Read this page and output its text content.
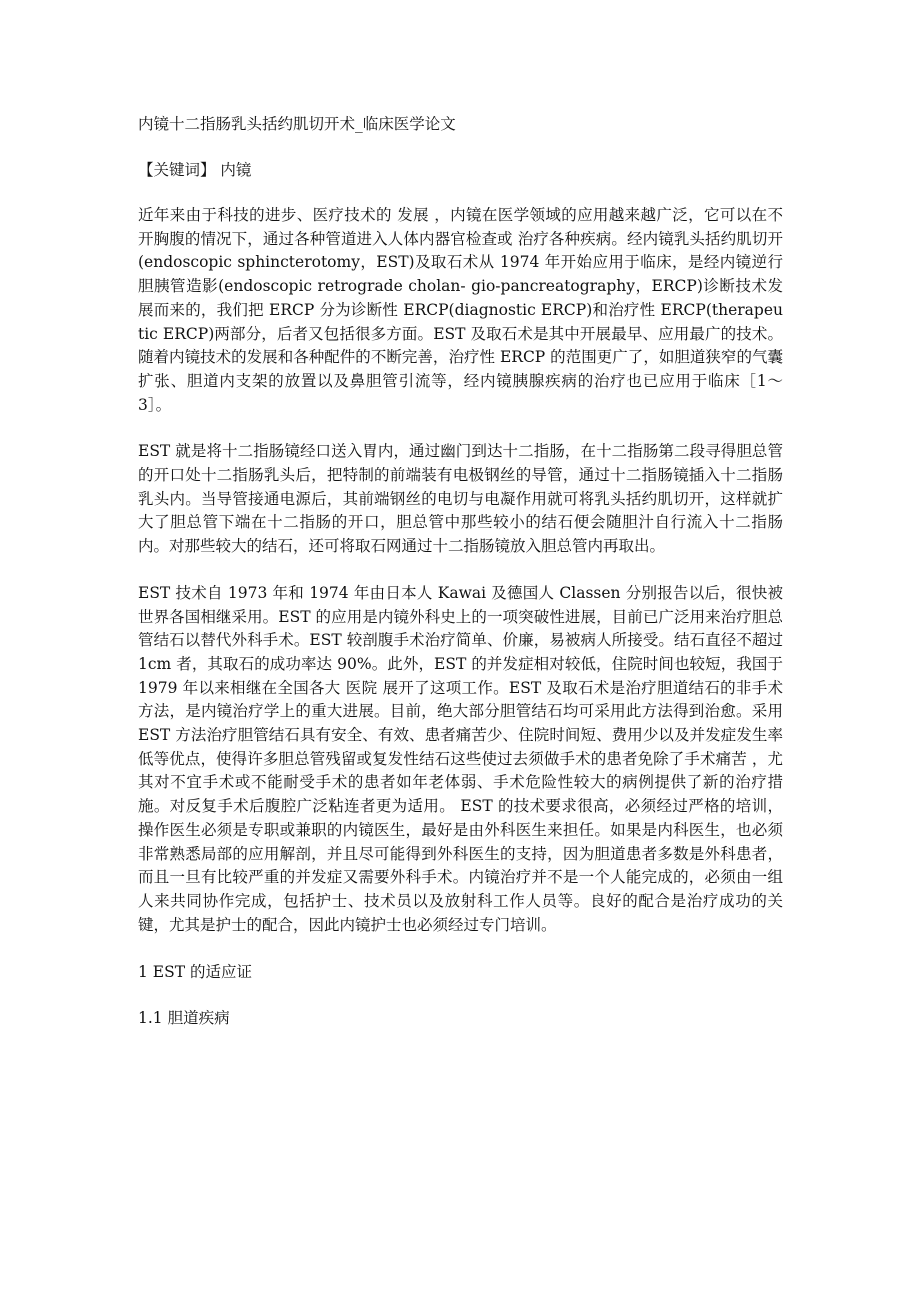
内镜十二指肠乳头括约肌切开术_临床医学论文
【关键词】 内镜
近年来由于科技的进步、医疗技术的 发展 ，内镜在医学领域的应用越来越广泛，它可以在不开胸腹的情况下，通过各种管道进入人体内器官检查或 治疗各种疾病。经内镜乳头括约肌切开(endoscopic sphincterotomy，EST)及取石术从 1974 年开始应用于临床，是经内镜逆行胆胰管造影(endoscopic retrograde cholan- gio-pancreatography，ERCP)诊断技术发展而来的，我们把 ERCP 分为诊断性 ERCP(diagnostic ERCP)和治疗性 ERCP(therapeutic ERCP)两部分，后者又包括很多方面。EST 及取石术是其中开展最早、应用最广的技术。随着内镜技术的发展和各种配件的不断完善，治疗性 ERCP 的范围更广了，如胆道狭窄的气囊扩张、胆道内支架的放置以及鼻胆管引流等，经内镜胰腺疾病的治疗也已应用于临床［1～3］。
EST 就是将十二指肠镜经口送入胃内，通过幽门到达十二指肠，在十二指肠第二段寻得胆总管的开口处十二指肠乳头后，把特制的前端装有电极钢丝的导管，通过十二指肠镜插入十二指肠乳头内。当导管接通电源后，其前端钢丝的电切与电凝作用就可将乳头括约肌切开，这样就扩大了胆总管下端在十二指肠的开口，胆总管中那些较小的结石便会随胆汁自行流入十二指肠内。对那些较大的结石，还可将取石网通过十二指肠镜放入胆总管内再取出。
EST 技术自 1973 年和 1974 年由日本人 Kawai 及德国人 Classen 分别报告以后，很快被世界各国相继采用。EST 的应用是内镜外科史上的一项突破性进展，目前已广泛用来治疗胆总管结石以替代外科手术。EST 较剖腹手术治疗简单、价廉，易被病人所接受。结石直径不超过 1cm 者，其取石的成功率达 90%。此外，EST 的并发症相对较低，住院时间也较短，我国于 1979 年以来相继在全国各大 医院 展开了这项工作。EST 及取石术是治疗胆道结石的非手术方法，是内镜治疗学上的重大进展。目前，绝大部分胆管结石均可采用此方法得到治愈。采用 EST 方法治疗胆管结石具有安全、有效、患者痛苦少、住院时间短、费用少以及并发症发生率低等优点，使得许多胆总管残留或复发性结石这些使过去须做手术的患者免除了手术痛苦 ，尤其对不宜手术或不能耐受手术的患者如年老体弱、手术危险性较大的病例提供了新的治疗措施。对反复手术后腹腔广泛粘连者更为适用。 EST 的技术要求很高，必须经过严格的培训，操作医生必须是专职或兼职的内镜医生，最好是由外科医生来担任。如果是内科医生，也必须非常熟悉局部的应用解剖，并且尽可能得到外科医生的支持，因为胆道患者多数是外科患者，而且一旦有比较严重的并发症又需要外科手术。内镜治疗并不是一个人能完成的，必须由一组人来共同协作完成，包括护士、技术员以及放射科工作人员等。良好的配合是治疗成功的关键，尤其是护士的配合，因此内镜护士也必须经过专门培训。
1 EST 的适应证
1.1 胆道疾病
